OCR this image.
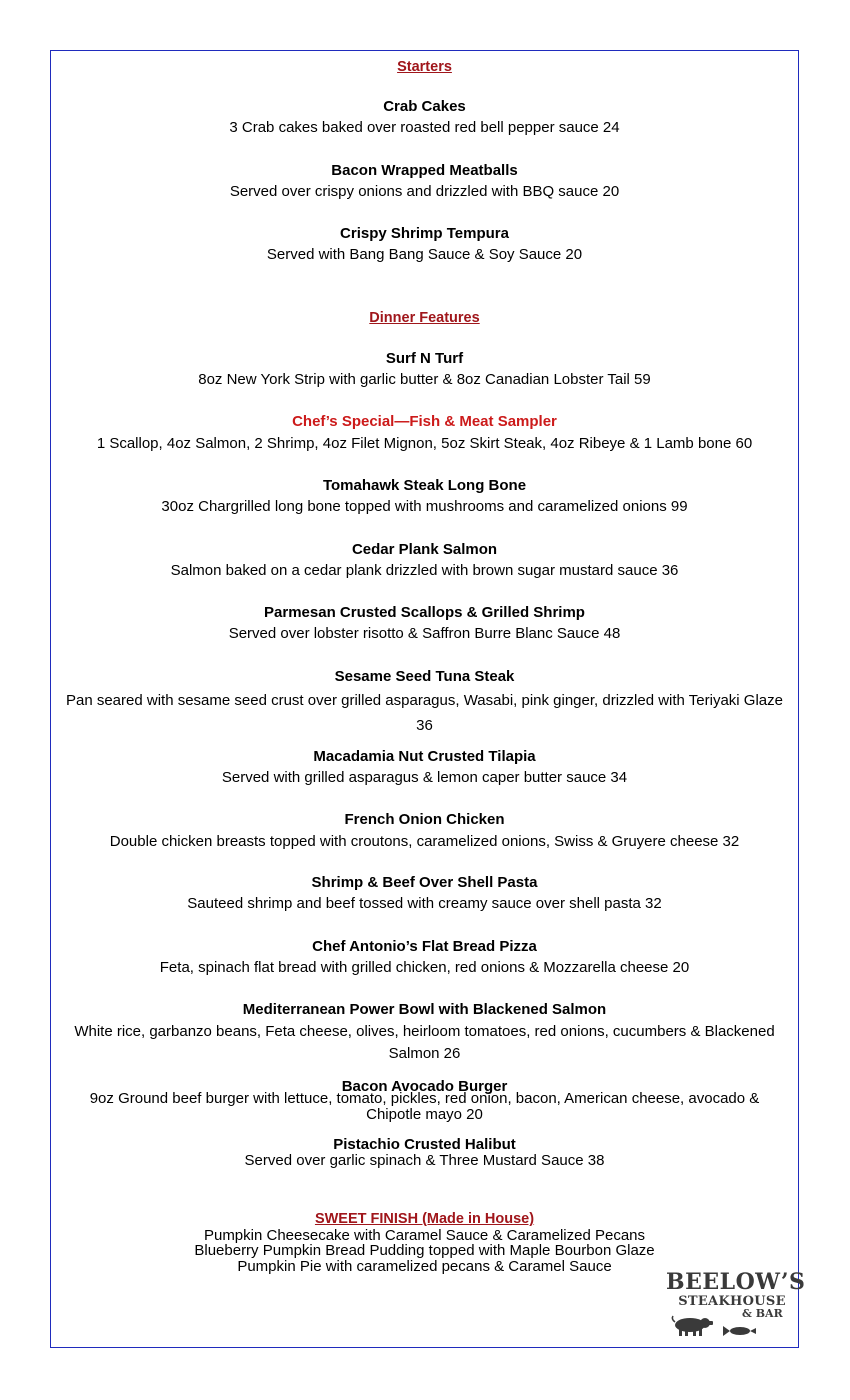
Starters
Crab Cakes
3 Crab cakes baked over roasted red bell pepper sauce 24
Bacon Wrapped Meatballs
Served over crispy onions and drizzled with BBQ sauce 20
Crispy Shrimp Tempura
Served with Bang Bang Sauce & Soy Sauce 20
Dinner Features
Surf N Turf
8oz New York Strip with garlic butter & 8oz Canadian Lobster Tail 59
Chef’s Special—Fish & Meat Sampler
1 Scallop, 4oz Salmon, 2 Shrimp, 4oz Filet Mignon, 5oz Skirt Steak, 4oz Ribeye & 1 Lamb bone 60
Tomahawk Steak Long Bone
30oz Chargrilled long bone topped with mushrooms and caramelized onions 99
Cedar Plank Salmon
Salmon baked on a cedar plank drizzled with brown sugar mustard sauce 36
Parmesan Crusted Scallops & Grilled Shrimp
Served over lobster risotto & Saffron Burre Blanc Sauce 48
Sesame Seed Tuna Steak
Pan seared with sesame seed crust over grilled asparagus, Wasabi, pink ginger, drizzled with Teriyaki Glaze 36
Macadamia Nut Crusted Tilapia
Served with grilled asparagus & lemon caper butter sauce 34
French Onion Chicken
Double chicken breasts topped with croutons, caramelized onions, Swiss & Gruyere cheese 32
Shrimp & Beef Over Shell Pasta
Sauteed shrimp and beef tossed with creamy sauce over shell pasta 32
Chef Antonio’s Flat Bread Pizza
Feta, spinach flat bread with grilled chicken, red onions & Mozzarella cheese 20
Mediterranean Power Bowl with Blackened Salmon
White rice, garbanzo beans, Feta cheese, olives, heirloom tomatoes, red onions, cucumbers & Blackened Salmon 26
Bacon Avocado Burger
9oz Ground beef burger with lettuce, tomato, pickles, red onion, bacon, American cheese, avocado & Chipotle mayo 20
Pistachio Crusted Halibut
Served over garlic spinach & Three Mustard Sauce 38
SWEET FINISH (Made in House)
Pumpkin Cheesecake with Caramel Sauce & Caramelized Pecans
Blueberry Pumpkin Bread Pudding topped with Maple Bourbon Glaze
Pumpkin Pie with caramelized pecans & Caramel Sauce
BEELOW’S
STEAKHOUSE
& BAR
